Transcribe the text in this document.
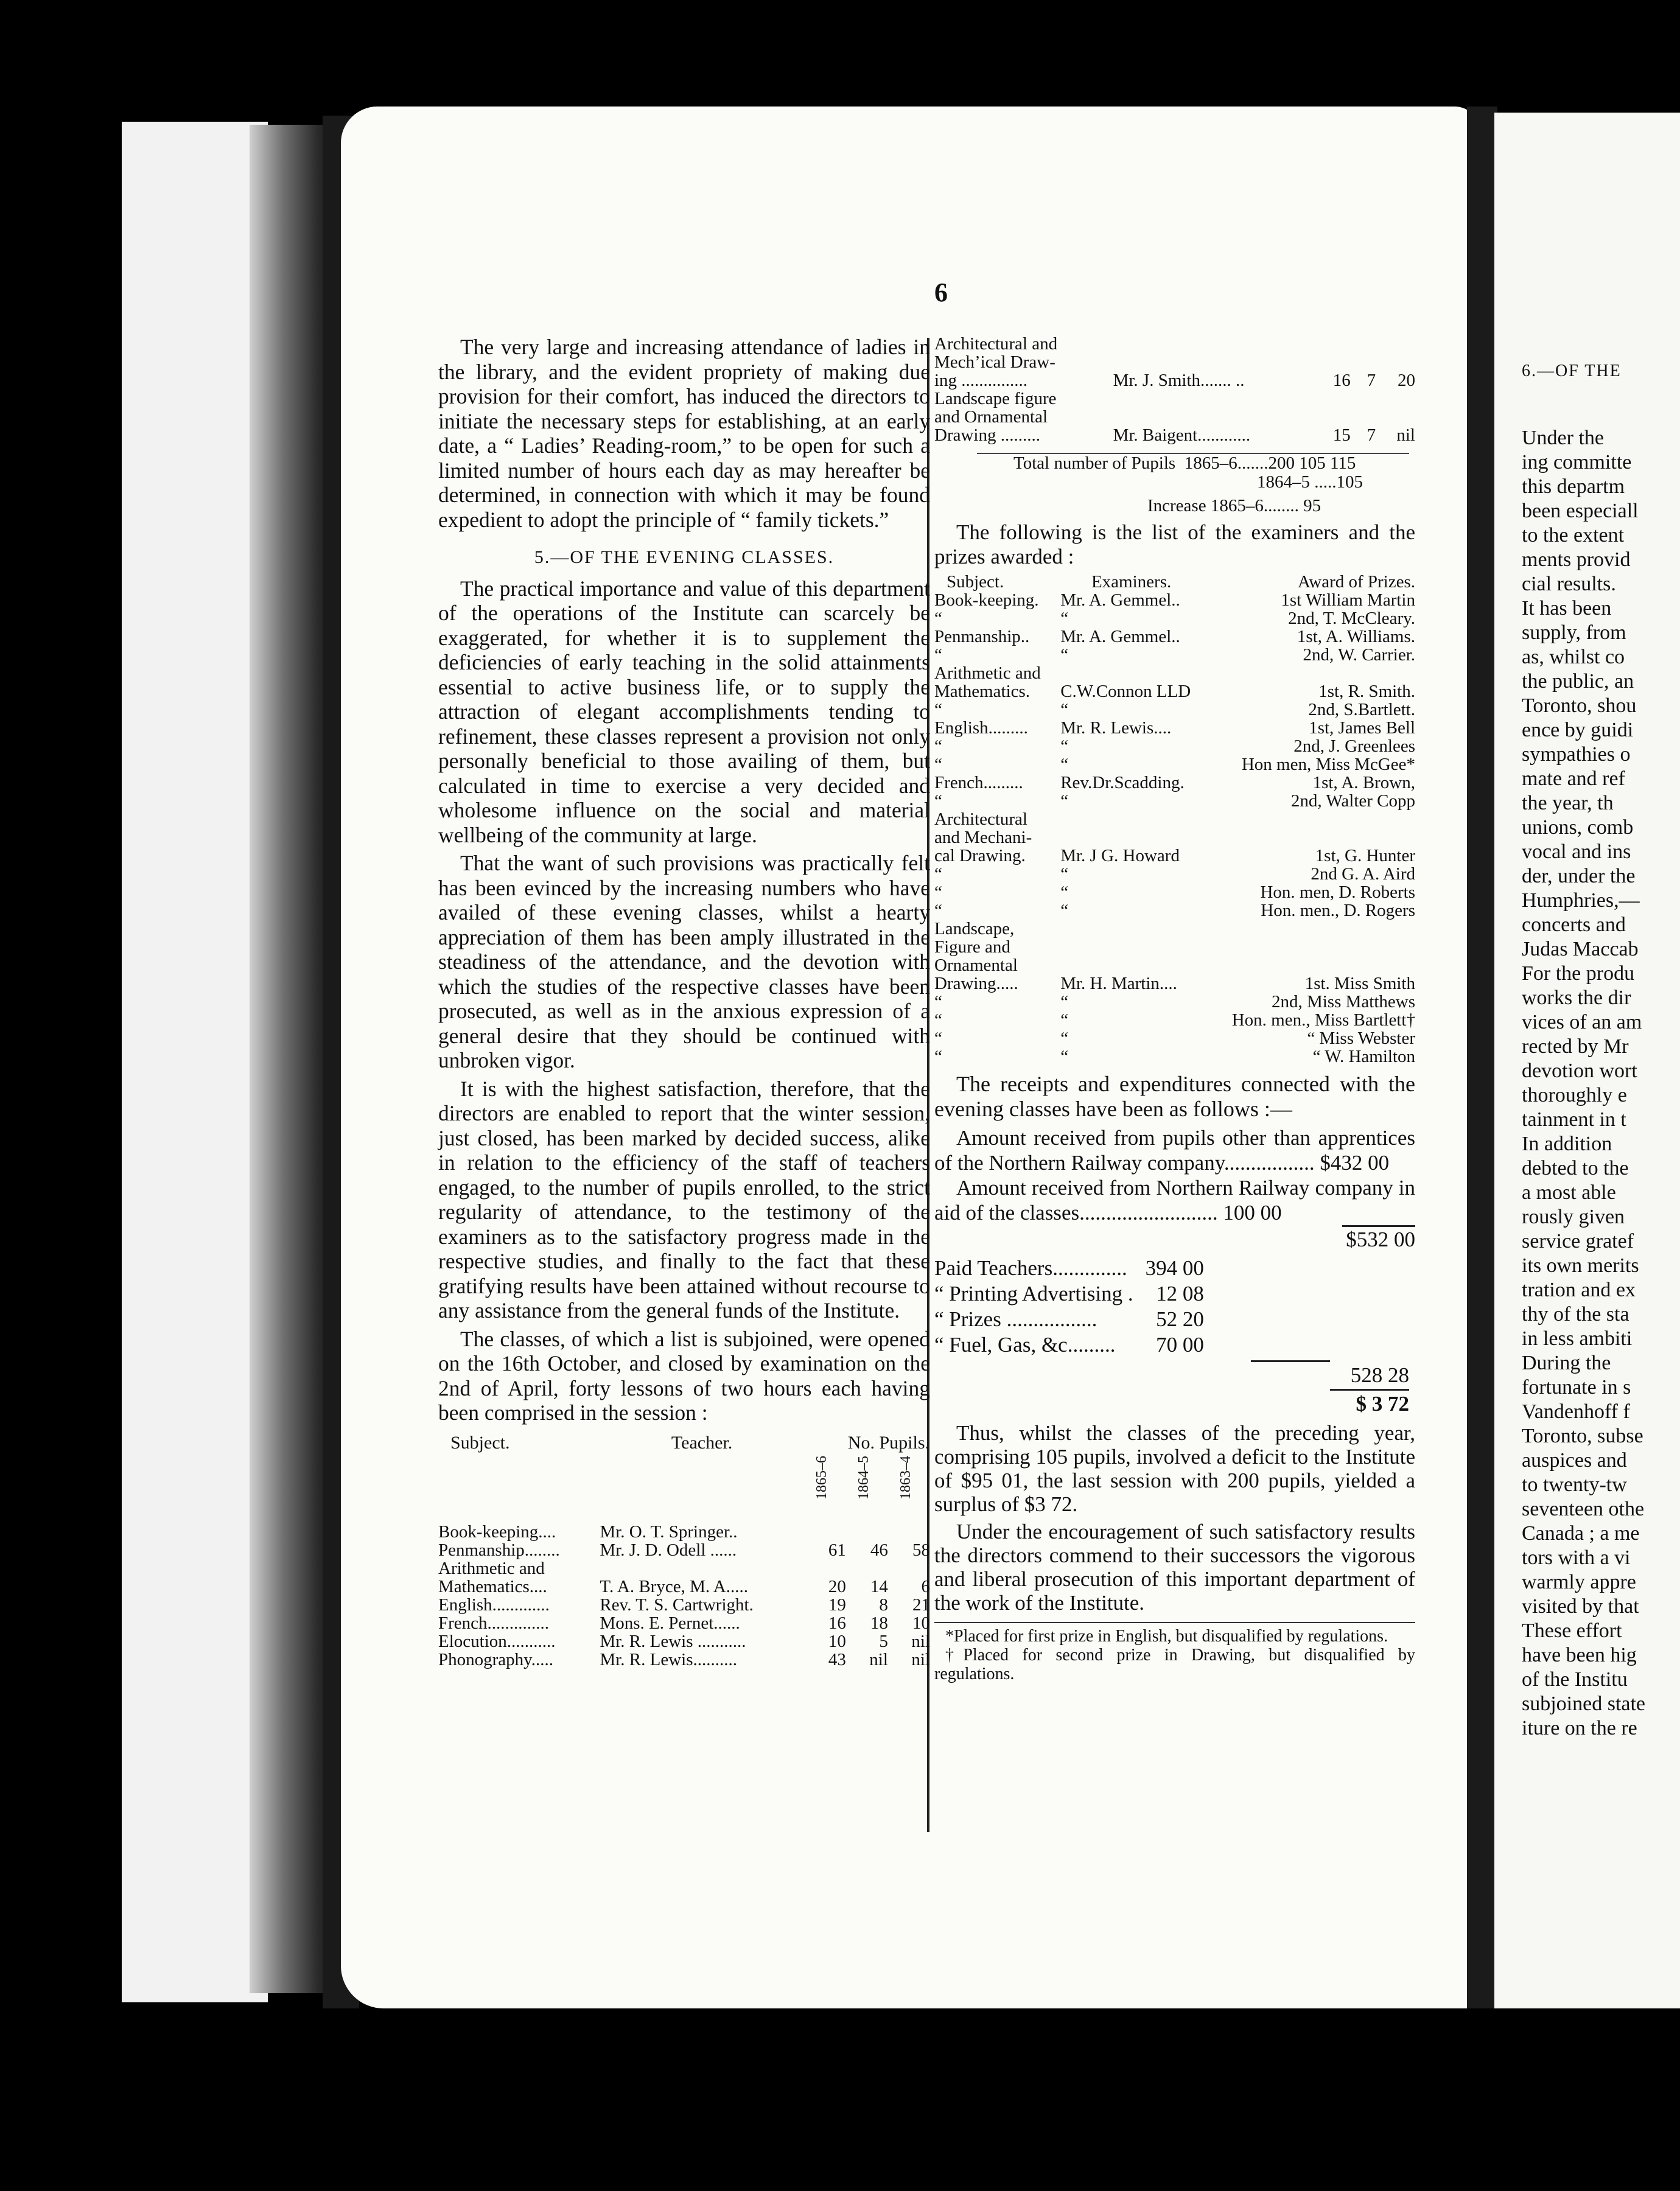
6

The very large and increasing attendance of ladies in the library, and the evident propriety of making due provision for their comfort, has induced the directors to initiate the necessary steps for establishing, at an early date, a “ Ladies’ Reading-room,” to be open for such a limited number of hours each day as may hereafter be determined, in connection with which it may be found expedient to adopt the principle of “ family tickets.”

5.—OF THE EVENING CLASSES.

The practical importance and value of this department of the operations of the Institute can scarcely be exaggerated, for whether it is to supplement the deficiencies of early teaching in the solid attainments essential to active business life, or to supply the attraction of elegant accomplishments tending to refinement, these classes represent a provision not only personally beneficial to those availing of them, but calculated in time to exercise a very decided and wholesome influence on the social and material wellbeing of the community at large.

That the want of such provisions was practically felt has been evinced by the increasing numbers who have availed of these evening classes, whilst a hearty appreciation of them has been amply illustrated in the steadiness of the attendance, and the devotion with which the studies of the respective classes have been prosecuted, as well as in the anxious expression of a general desire that they should be continued with unbroken vigor.

It is with the highest satisfaction, therefore, that the directors are enabled to report that the winter session, just closed, has been marked by decided success, alike in relation to the efficiency of the staff of teachers engaged, to the number of pupils enrolled, to the strict regularity of attendance, to the testimony of the examiners as to the satisfactory progress made in the respective studies, and finally to the fact that these gratifying results have been attained without recourse to any assistance from the general funds of the Institute.

The classes, of which a list is subjoined, were opened on the 16th October, and closed by examination on the 2nd of April, forty lessons of two hours each having been comprised in the session :

Subject.	Teacher.	No. Pupils.		

		1865–6	1864–5	1863–4

Book-keeping....	Mr. O. T. Springer..			
Penmanship........	Mr. J. D. Odell ......	61	46	58
Arithmetic and				
Mathematics....	T. A. Bryce, M. A.....	20	14	6
English.............	Rev. T. S. Cartwright.	19	8	21
French..............	Mons. E. Pernet......	16	18	10
Elocution...........	Mr. R. Lewis ...........	10	5	nil
Phonography.....	Mr. R. Lewis..........	43	nil	nil
Architectural and				
Mech’ical Draw-				
ing ...............	Mr. J. Smith....... ..	16	7	20
Landscape figure				
and Ornamental				
Drawing .........	Mr. Baigent............	15	7	nil
Total number of Pupils 1865–6.......200 105 115
1864–5 .....105
Increase 1865–6........ 95

The following is the list of the examiners and the prizes awarded :

Subject.	Examiners.	Award of Prizes.
Book-keeping.	Mr. A. Gemmel..	1st William Martin
“	“	2nd, T. McCleary.
Penmanship..	Mr. A. Gemmel..	1st, A. Williams.
“	“	2nd, W. Carrier.
Arithmetic and		
Mathematics.	C.W.Connon LLD	1st, R. Smith.
“	“	2nd, S.Bartlett.
English.........	Mr. R. Lewis....	1st, James Bell
“	“	2nd, J. Greenlees
“	“	Hon men, Miss McGee*
French.........	Rev.Dr.Scadding.	1st, A. Brown,
“	“	2nd, Walter Copp
Architectural		
and Mechani-		
cal Drawing.	Mr. J G. Howard	1st, G. Hunter
“	“	2nd G. A. Aird
“	“	Hon. men, D. Roberts
“	“	Hon. men., D. Rogers
Landscape,		
Figure and		
Ornamental		
Drawing.....	Mr. H. Martin....	1st. Miss Smith
“	“	2nd, Miss Matthews
“	“	Hon. men., Miss Bartlett†
“	“	“ Miss Webster
“	“	“ W. Hamilton

The receipts and expenditures connected with the evening classes have been as follows :—

Amount received from pupils other than apprentices of the Northern Railway company................. $432 00

Amount received from Northern Railway company in aid of the classes.......................... 100 00

$532 00
Paid Teachers..............	394 00
“ Printing Advertising .	12 08
“ Prizes .................	52 20
“ Fuel, Gas, &c.........	70 00
528 28
$ 3 72

Thus, whilst the classes of the preceding year, comprising 105 pupils, involved a deficit to the Institute of $95 01, the last session with 200 pupils, yielded a surplus of $3 72.

Under the encouragement of such satisfactory results the directors commend to their successors the vigorous and liberal prosecution of this important department of the work of the Institute.

*Placed for first prize in English, but disqualified by regulations.

†Placed for second prize in Drawing, but disqualified by regulations.

6.—OF THE

Under the

ing committe

this departm

been especiall

to the extent

ments provid

cial results.

It has been

supply, from

as, whilst co

the public, an

Toronto, shou

ence by guidi

sympathies o

mate and ref

the year, th

unions, comb

vocal and ins

der, under the

Humphries,—

concerts and

Judas Maccab

For the produ

works the dir

vices of an am

rected by Mr

devotion wort

thoroughly e

tainment in t

In addition

debted to the

a most able

rously given

service gratef

its own merits

tration and ex

thy of the sta

in less ambiti

During the

fortunate in s

Vandenhoff f

Toronto, subse

auspices and

to twenty-tw

seventeen othe

Canada ; a me

tors with a vi

warmly appre

visited by that

These effort

have been hig

of the Institu

subjoined state

iture on the re
